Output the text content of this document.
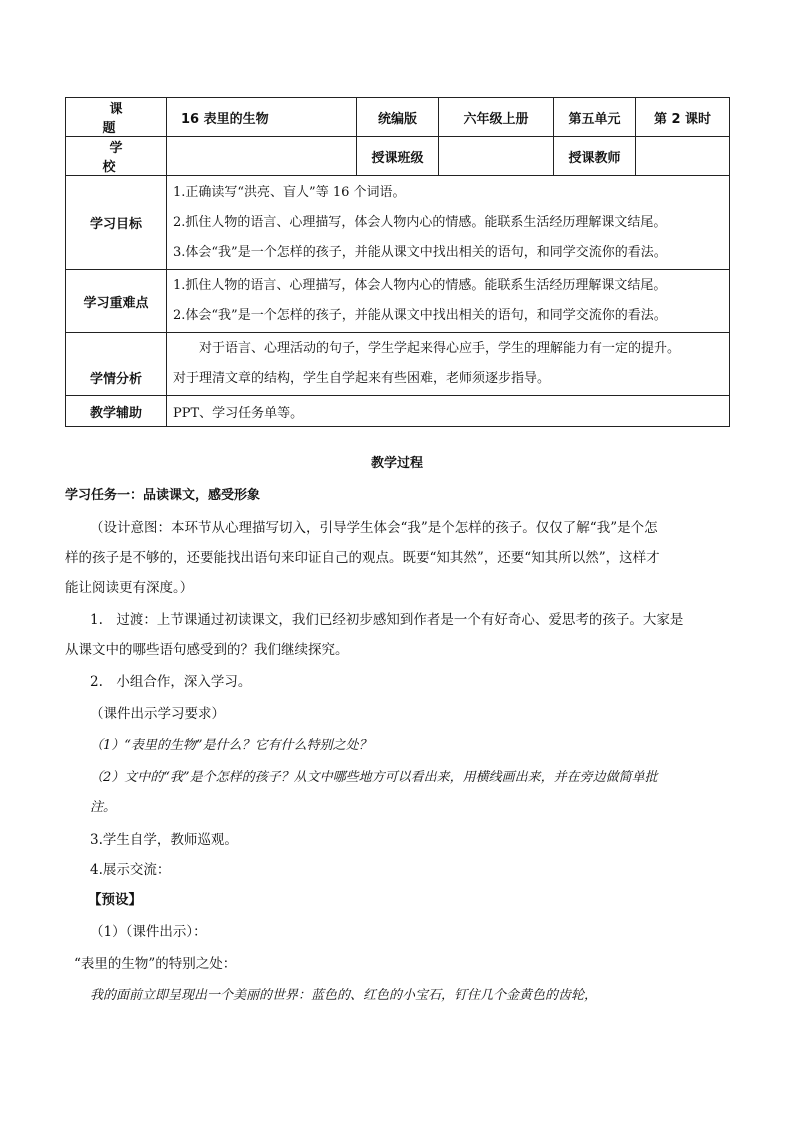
课　题	16 表里的生物	统编版	六年级上册	第五单元	第 2 课时
学　校		授课班级		授课教师	
学习目标	1.正确读写“洪亮、盲人”等 16 个词语。
2.抓住人物的语言、心理描写，体会人物内心的情感。能联系生活经历理解课文结尾。
3.体会“我”是一个怎样的孩子，并能从课文中找出相关的语句，和同学交流你的看法。				

学习重难点	1.抓住人物的语言、心理描写，体会人物内心的情感。能联系生活经历理解课文结尾。
2.体会“我”是一个怎样的孩子，并能从课文中找出相关的语句，和同学交流你的看法。				

学情分析	对于语言、心理活动的句子，学生学起来得心应手，学生的理解能力有一定的提升。
对于理清文章的结构，学生自学起来有些困难，老师须逐步指导。				

教学辅助	PPT、学习任务单等。				
教学过程
学习任务一：品读课文，感受形象
（设计意图：本环节从心理描写切入，引导学生体会“我”是个怎样的孩子。仅仅了解“我”是个怎
样的孩子是不够的，还要能找出语句来印证自己的观点。既要“知其然”，还要“知其所以然”，这样才
能让阅读更有深度。）
1.　过渡：上节课通过初读课文，我们已经初步感知到作者是一个有好奇心、爱思考的孩子。大家是
从课文中的哪些语句感受到的？我们继续探究。
2.　小组合作，深入学习。
（课件出示学习要求）
（1）“表里的生物”是什么？它有什么特别之处？
（2）文中的“我”是个怎样的孩子？从文中哪些地方可以看出来，用横线画出来，并在旁边做简单批
注。
3.学生自学，教师巡观。
4.展示交流：
【预设】
（1）（课件出示）：
“表里的生物”的特别之处：
我的面前立即呈现出一个美丽的世界：蓝色的、红色的小宝石，钉住几个金黄色的齿轮，
